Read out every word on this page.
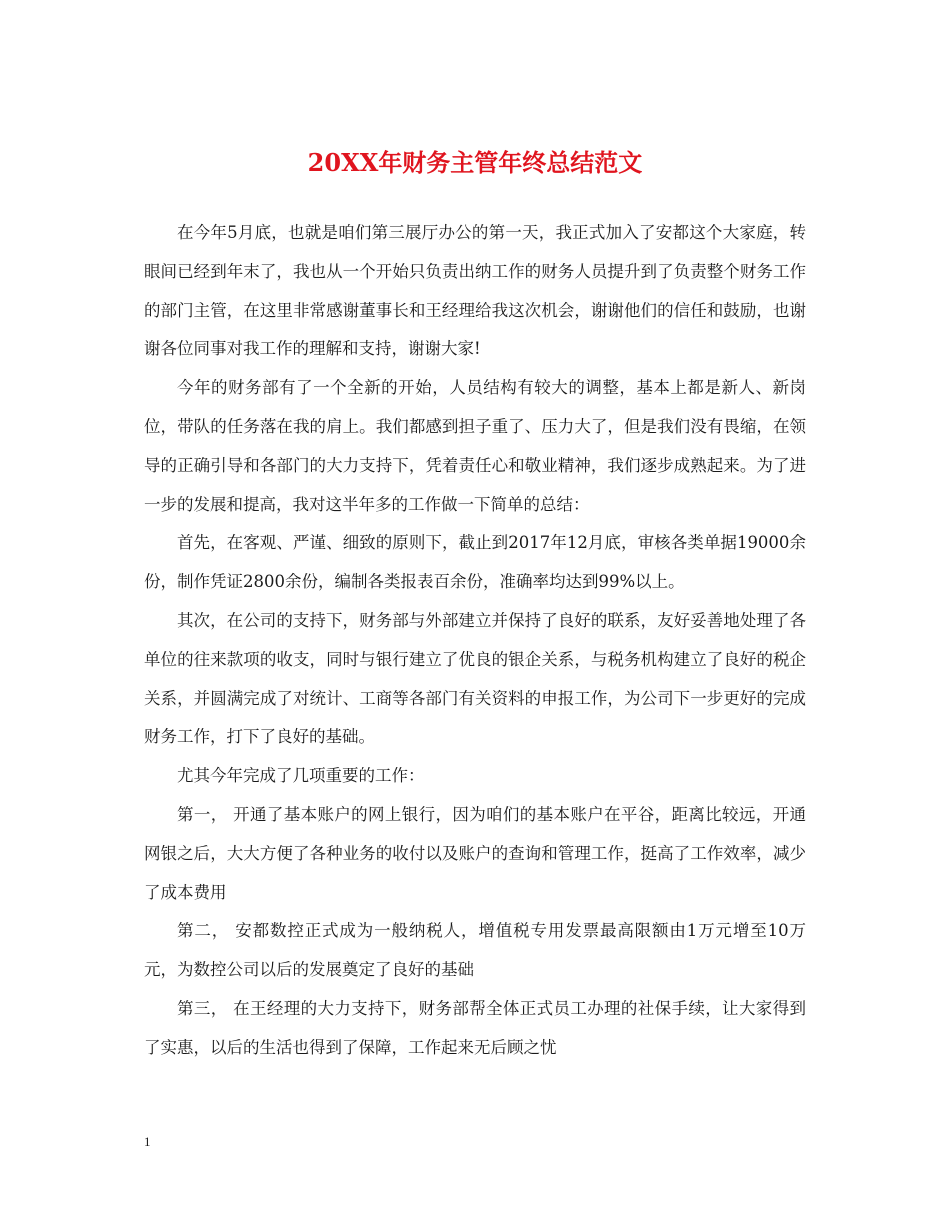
20XX年财务主管年终总结范文

在今年5月底，也就是咱们第三展厅办公的第一天，我正式加入了安都这个大家庭，转眼间已经到年末了，我也从一个开始只负责出纳工作的财务人员提升到了负责整个财务工作的部门主管，在这里非常感谢董事长和王经理给我这次机会，谢谢他们的信任和鼓励，也谢谢各位同事对我工作的理解和支持，谢谢大家!

今年的财务部有了一个全新的开始，人员结构有较大的调整，基本上都是新人、新岗位，带队的任务落在我的肩上。我们都感到担子重了、压力大了，但是我们没有畏缩，在领导的正确引导和各部门的大力支持下，凭着责任心和敬业精神，我们逐步成熟起来。为了进一步的发展和提高，我对这半年多的工作做一下简单的总结：

首先，在客观、严谨、细致的原则下，截止到2017年12月底，审核各类单据19000余份，制作凭证2800余份，编制各类报表百余份，准确率均达到99%以上。

其次，在公司的支持下，财务部与外部建立并保持了良好的联系，友好妥善地处理了各单位的往来款项的收支，同时与银行建立了优良的银企关系，与税务机构建立了良好的税企关系，并圆满完成了对统计、工商等各部门有关资料的申报工作，为公司下一步更好的完成财务工作，打下了良好的基础。

尤其今年完成了几项重要的工作：

第一， 开通了基本账户的网上银行，因为咱们的基本账户在平谷，距离比较远，开通网银之后，大大方便了各种业务的收付以及账户的查询和管理工作，挺高了工作效率，减少了成本费用

第二， 安都数控正式成为一般纳税人，增值税专用发票最高限额由1万元增至10万元，为数控公司以后的发展奠定了良好的基础

第三， 在王经理的大力支持下，财务部帮全体正式员工办理的社保手续，让大家得到了实惠，以后的生活也得到了保障，工作起来无后顾之忧

1
